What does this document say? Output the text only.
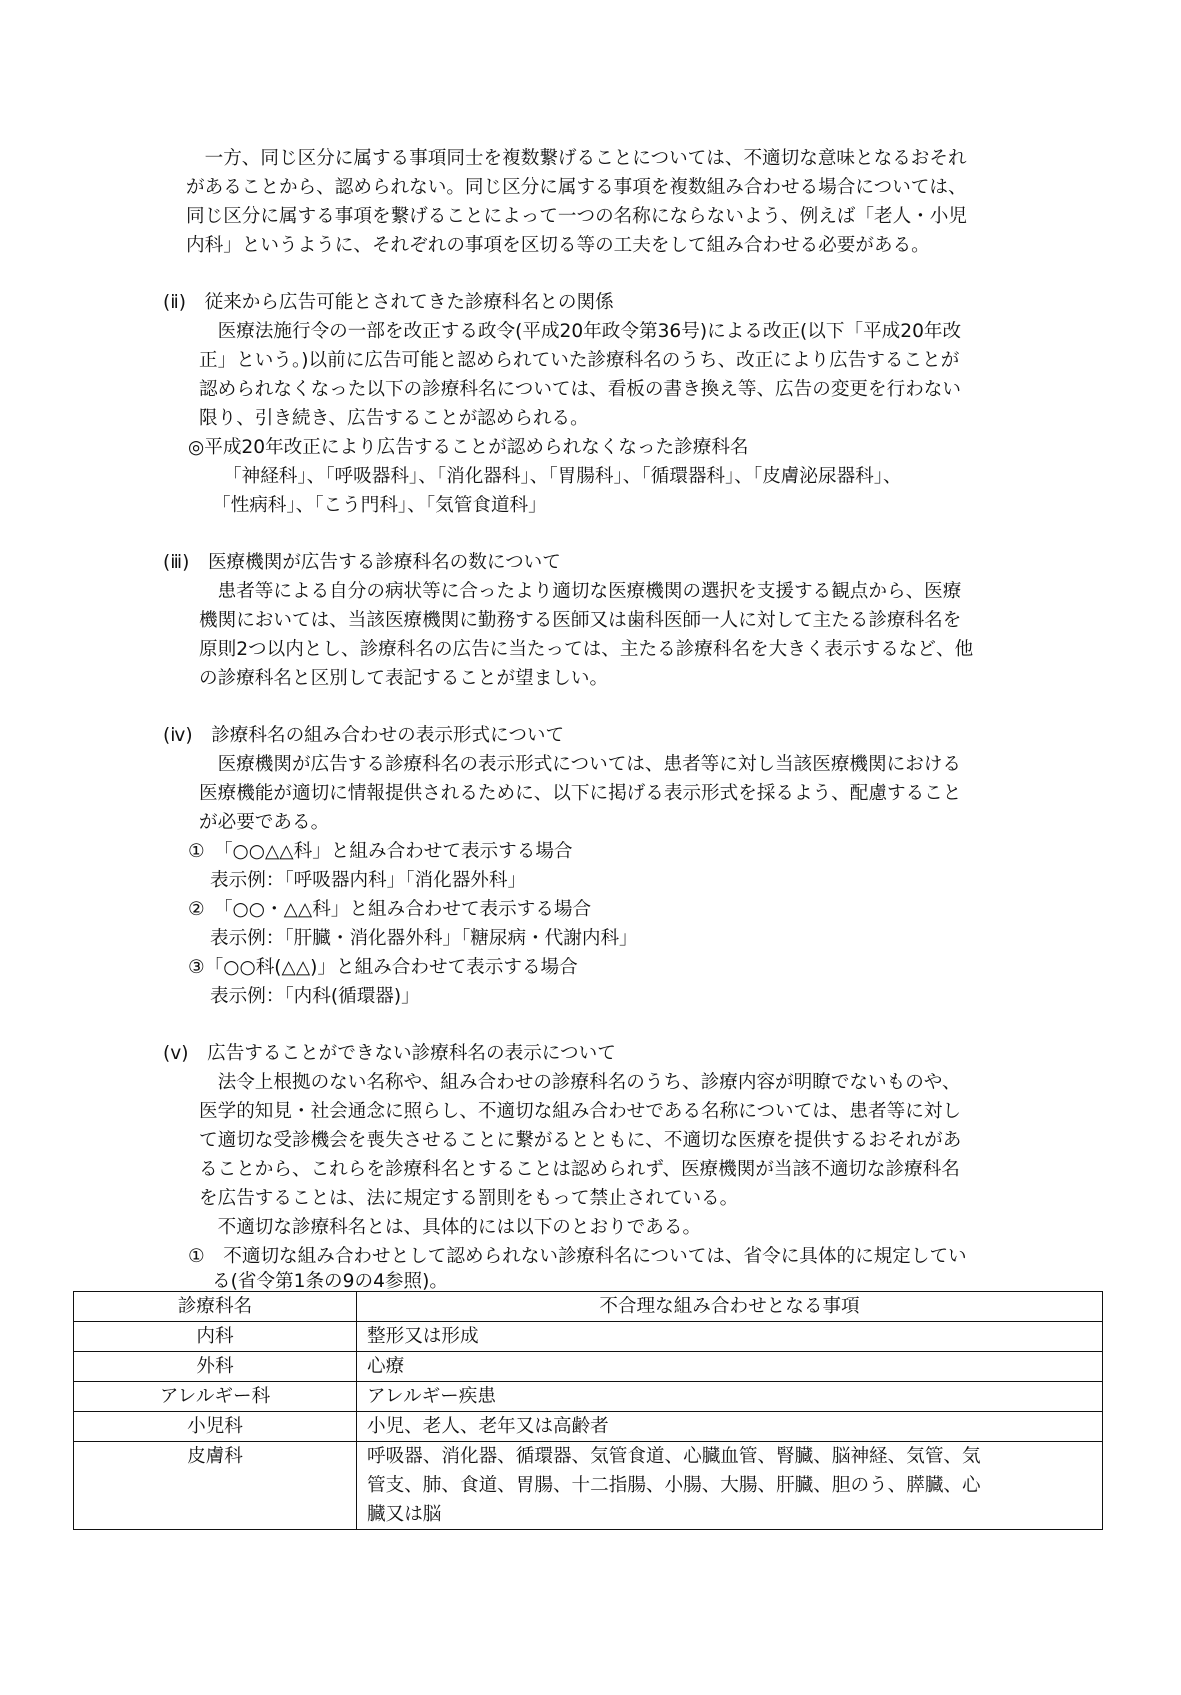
　一方、同じ区分に属する事項同士を複数繋げることについては、不適切な意味となるおそれ
があることから、認められない。同じ区分に属する事項を複数組み合わせる場合については、
同じ区分に属する事項を繋げることによって一つの名称にならないよう、例えば「老人・小児
内科」というように、それぞれの事項を区切る等の工夫をして組み合わせる必要がある。
(ⅱ)　従来から広告可能とされてきた診療科名との関係
　医療法施行令の一部を改正する政令(平成20年政令第36号)による改正(以下「平成20年改
正」という。)以前に広告可能と認められていた診療科名のうち、改正により広告することが
認められなくなった以下の診療科名については、看板の書き換え等、広告の変更を行わない
限り、引き続き、広告することが認められる。
◎平成20年改正により広告することが認められなくなった診療科名
「神経科」、「呼吸器科」、「消化器科」、「胃腸科」、「循環器科」、「皮膚泌尿器科」、
「性病科」、「こう門科」、「気管食道科」
(ⅲ)　医療機関が広告する診療科名の数について
　患者等による自分の病状等に合ったより適切な医療機関の選択を支援する観点から、医療
機関においては、当該医療機関に勤務する医師又は歯科医師一人に対して主たる診療科名を
原則2つ以内とし、診療科名の広告に当たっては、主たる診療科名を大きく表示するなど、他
の診療科名と区別して表記することが望ましい。
(ⅳ)　診療科名の組み合わせの表示形式について
　医療機関が広告する診療科名の表示形式については、患者等に対し当該医療機関における
医療機能が適切に情報提供されるために、以下に掲げる表示形式を採るよう、配慮すること
が必要である。
①　「○○△△科」と組み合わせて表示する場合
表示例：「呼吸器内科」「消化器外科」
②　「○○・△△科」と組み合わせて表示する場合
表示例：「肝臓・消化器外科」「糖尿病・代謝内科」
③「○○科(△△)」と組み合わせて表示する場合
表示例：「内科(循環器)」
(ⅴ)　広告することができない診療科名の表示について
　法令上根拠のない名称や、組み合わせの診療科名のうち、診療内容が明瞭でないものや、
医学的知見・社会通念に照らし、不適切な組み合わせである名称については、患者等に対し
て適切な受診機会を喪失させることに繋がるとともに、不適切な医療を提供するおそれがあ
ることから、これらを診療科名とすることは認められず、医療機関が当該不適切な診療科名
を広告することは、法に規定する罰則をもって禁止されている。
　不適切な診療科名とは、具体的には以下のとおりである。
①　不適切な組み合わせとして認められない診療科名については、省令に具体的に規定してい
る(省令第1条の9の4参照)。
診療科名	不合理な組み合わせとなる事項
内科	整形又は形成

外科	心療

アレルギー科	アレルギー疾患

小児科	小児、老人、老年又は高齢者

皮膚科	呼吸器、消化器、循環器、気管食道、心臓血管、腎臓、脳神経、気管、気
管支、肺、食道、胃腸、十二指腸、小腸、大腸、肝臓、胆のう、膵臓、心
臓又は脳
